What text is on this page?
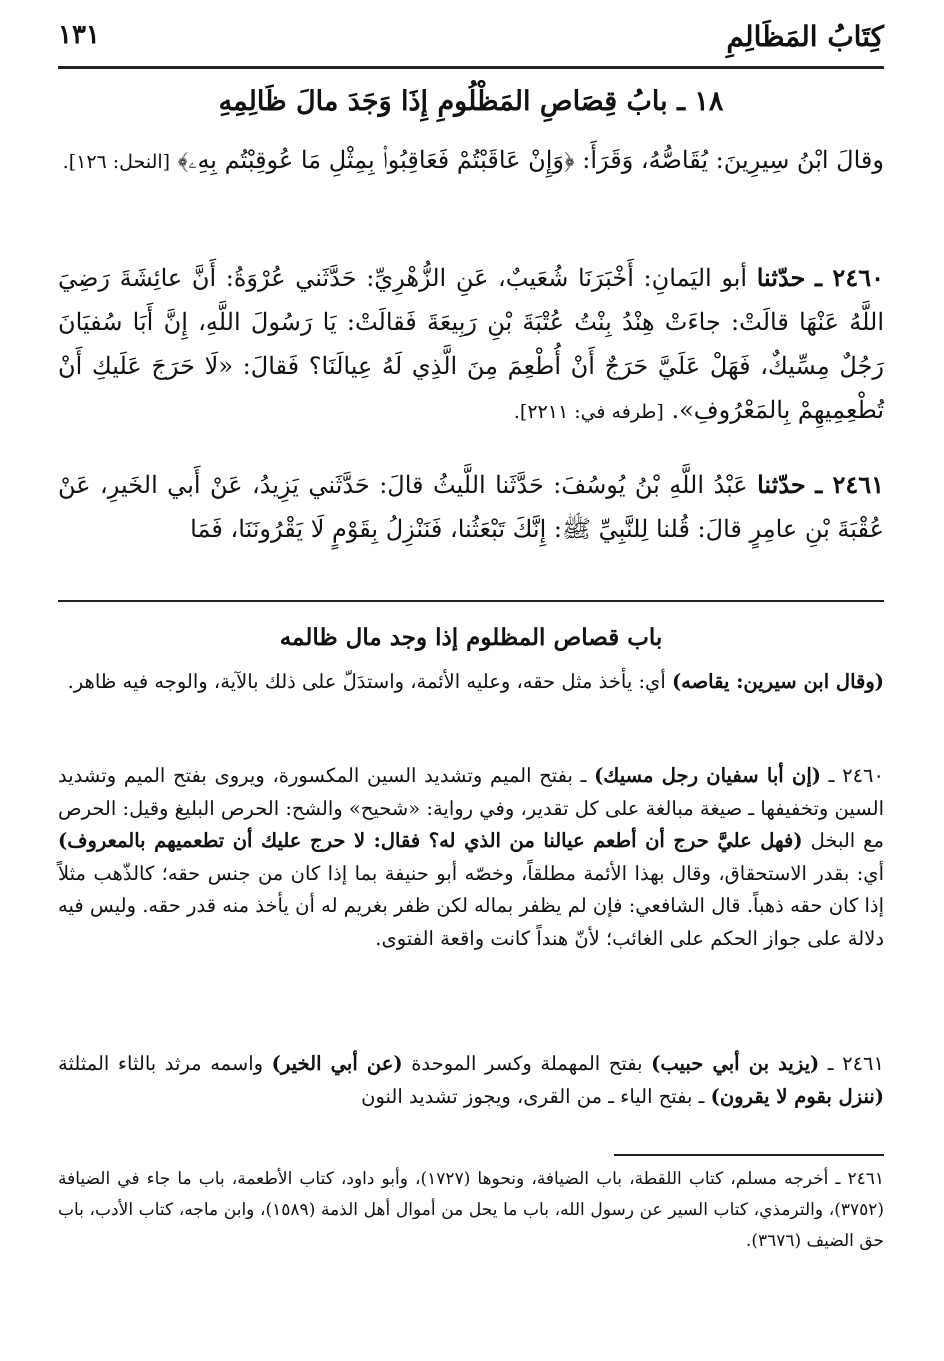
كِتَابُ المَظَالِمِ
١٣١
١٨ ـ بابُ قِصَاصِ المَظْلُومِ إِذَا وَجَدَ مالَ ظَالِمِهِ

وقالَ ابْنُ سِيرِينَ: يُقَاصُّهُ، وَقَرَأَ: ﴿وَإِنْ عَاقَبْتُمْ فَعَاقِبُوا۟ بِمِثْلِ مَا عُوقِبْتُم بِهِۦ﴾ [النحل: ١٢٦].

٢٤٦٠ ـ حدّثنا أبو اليَمانِ: أَخْبَرَنَا شُعَيبٌ، عَنِ الزُّهْرِيِّ: حَدَّثَني عُرْوَةُ: أَنَّ عائِشَةَ رَضِيَ اللَّهُ عَنْهَا قالَتْ: جاءَتْ هِنْدُ بِنْتُ عُتْبَةَ بْنِ رَبِيعَةَ فَقالَتْ: يَا رَسُولَ اللَّهِ، إِنَّ أَبَا سُفيَانَ رَجُلٌ مِسِّيكٌ، فَهَلْ عَلَيَّ حَرَجٌ أَنْ أُطْعِمَ مِنَ الَّذِي لَهُ عِيالَنَا؟ فَقالَ: «لَا حَرَجَ عَلَيكِ أَنْ تُطْعِمِيهِمْ بِالمَعْرُوفِ». [طرفه في: ٢٢١١].

٢٤٦١ ـ حدّثنا عَبْدُ اللَّهِ بْنُ يُوسُفَ: حَدَّثَنا اللَّيثُ قالَ: حَدَّثَني يَزِيدُ، عَنْ أَبي الخَيرِ، عَنْ عُقْبَةَ بْنِ عامِرٍ قالَ: قُلنا لِلنَّبِيِّ ﷺ: إِنَّكَ تَبْعَثُنا، فَنَنْزِلُ بِقَوْمٍ لَا يَقْرُونَنَا، فَمَا

باب قصاص المظلوم إذا وجد مال ظالمه

(وقال ابن سيرين: يقاصه) أي: يأخذ مثل حقه، وعليه الأئمة، واستدَلّ على ذلك بالآية، والوجه فيه ظاهر.

٢٤٦٠ ـ (إن أبا سفيان رجل مسيك) ـ بفتح الميم وتشديد السين المكسورة، ويروى بفتح الميم وتشديد السين وتخفيفها ـ صيغة مبالغة على كل تقدير، وفي رواية: «شحيح» والشح: الحرص البليغ وقيل: الحرص مع البخل (فهل عليَّ حرج أن أطعم عيالنا من الذي له؟ فقال: لا حرج عليك أن تطعميهم بالمعروف) أي: بقدر الاستحقاق، وقال بهذا الأئمة مطلقاً، وخصّه أبو حنيفة بما إذا كان من جنس حقه؛ كالذّهب مثلاً إذا كان حقه ذهباً. قال الشافعي: فإن لم يظفر بماله لكن ظفر بغريم له أن يأخذ منه قدر حقه. وليس فيه دلالة على جواز الحكم على الغائب؛ لأنّ هنداً كانت واقعة الفتوى.

٢٤٦١ ـ (يزيد بن أبي حبيب) بفتح المهملة وكسر الموحدة (عن أبي الخير) واسمه مرثد بالثاء المثلثة (ننزل بقوم لا يقرون) ـ بفتح الياء ـ من القرى، ويجوز تشديد النون

٢٤٦١ ـ أخرجه مسلم، كتاب اللقطة، باب الضيافة، ونحوها (١٧٢٧)، وأبو داود، كتاب الأطعمة، باب ما جاء في الضيافة (٣٧٥٢)، والترمذي، كتاب السير عن رسول الله، باب ما يحل من أموال أهل الذمة (١٥٨٩)، وابن ماجه، كتاب الأدب، باب حق الضيف (٣٦٧٦).
